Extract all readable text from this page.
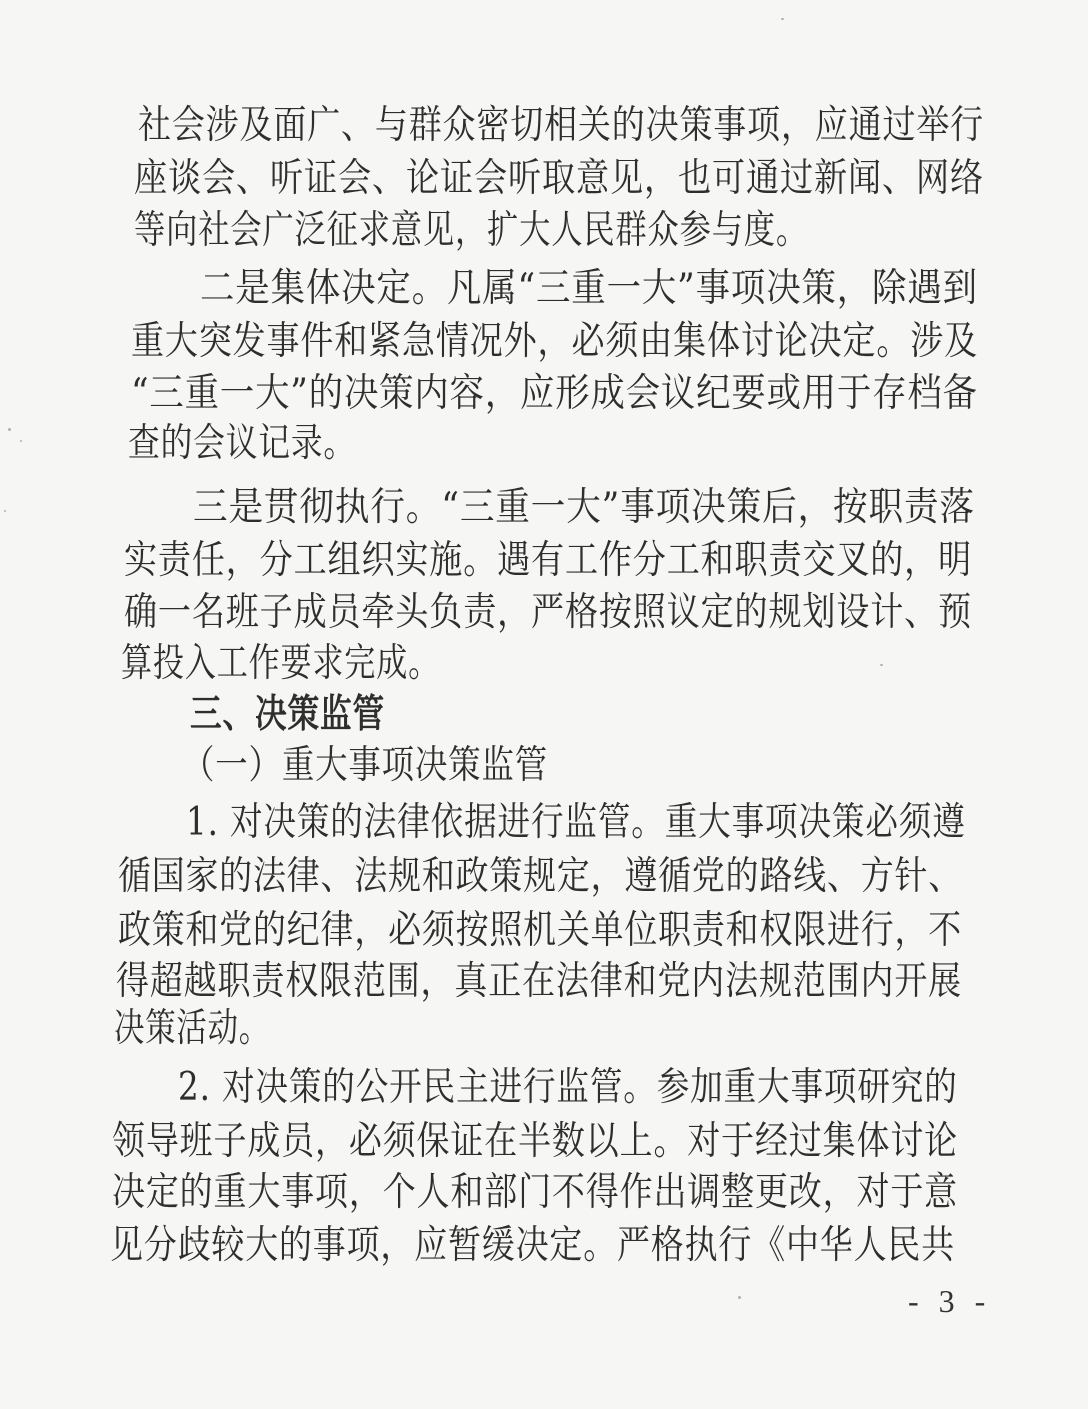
社会涉及面广、与群众密切相关的决策事项，应通过举行
座谈会、听证会、论证会听取意见，也可通过新闻、网络
等向社会广泛征求意见，扩大人民群众参与度。
二是集体决定。凡属“三重一大”事项决策，除遇到
重大突发事件和紧急情况外，必须由集体讨论决定。涉及
“三重一大”的决策内容，应形成会议纪要或用于存档备
查的会议记录。
三是贯彻执行。“三重一大”事项决策后，按职责落
实责任，分工组织实施。遇有工作分工和职责交叉的，明
确一名班子成员牵头负责，严格按照议定的规划设计、预
算投入工作要求完成。
三、决策监管
（一）重大事项决策监管
1. 对决策的法律依据进行监管。重大事项决策必须遵
循国家的法律、法规和政策规定，遵循党的路线、方针、
政策和党的纪律，必须按照机关单位职责和权限进行，不
得超越职责权限范围，真正在法律和党内法规范围内开展
决策活动。
2. 对决策的公开民主进行监管。参加重大事项研究的
领导班子成员，必须保证在半数以上。对于经过集体讨论
决定的重大事项，个人和部门不得作出调整更改，对于意
见分歧较大的事项，应暂缓决定。严格执行《中华人民共
- 3 -
